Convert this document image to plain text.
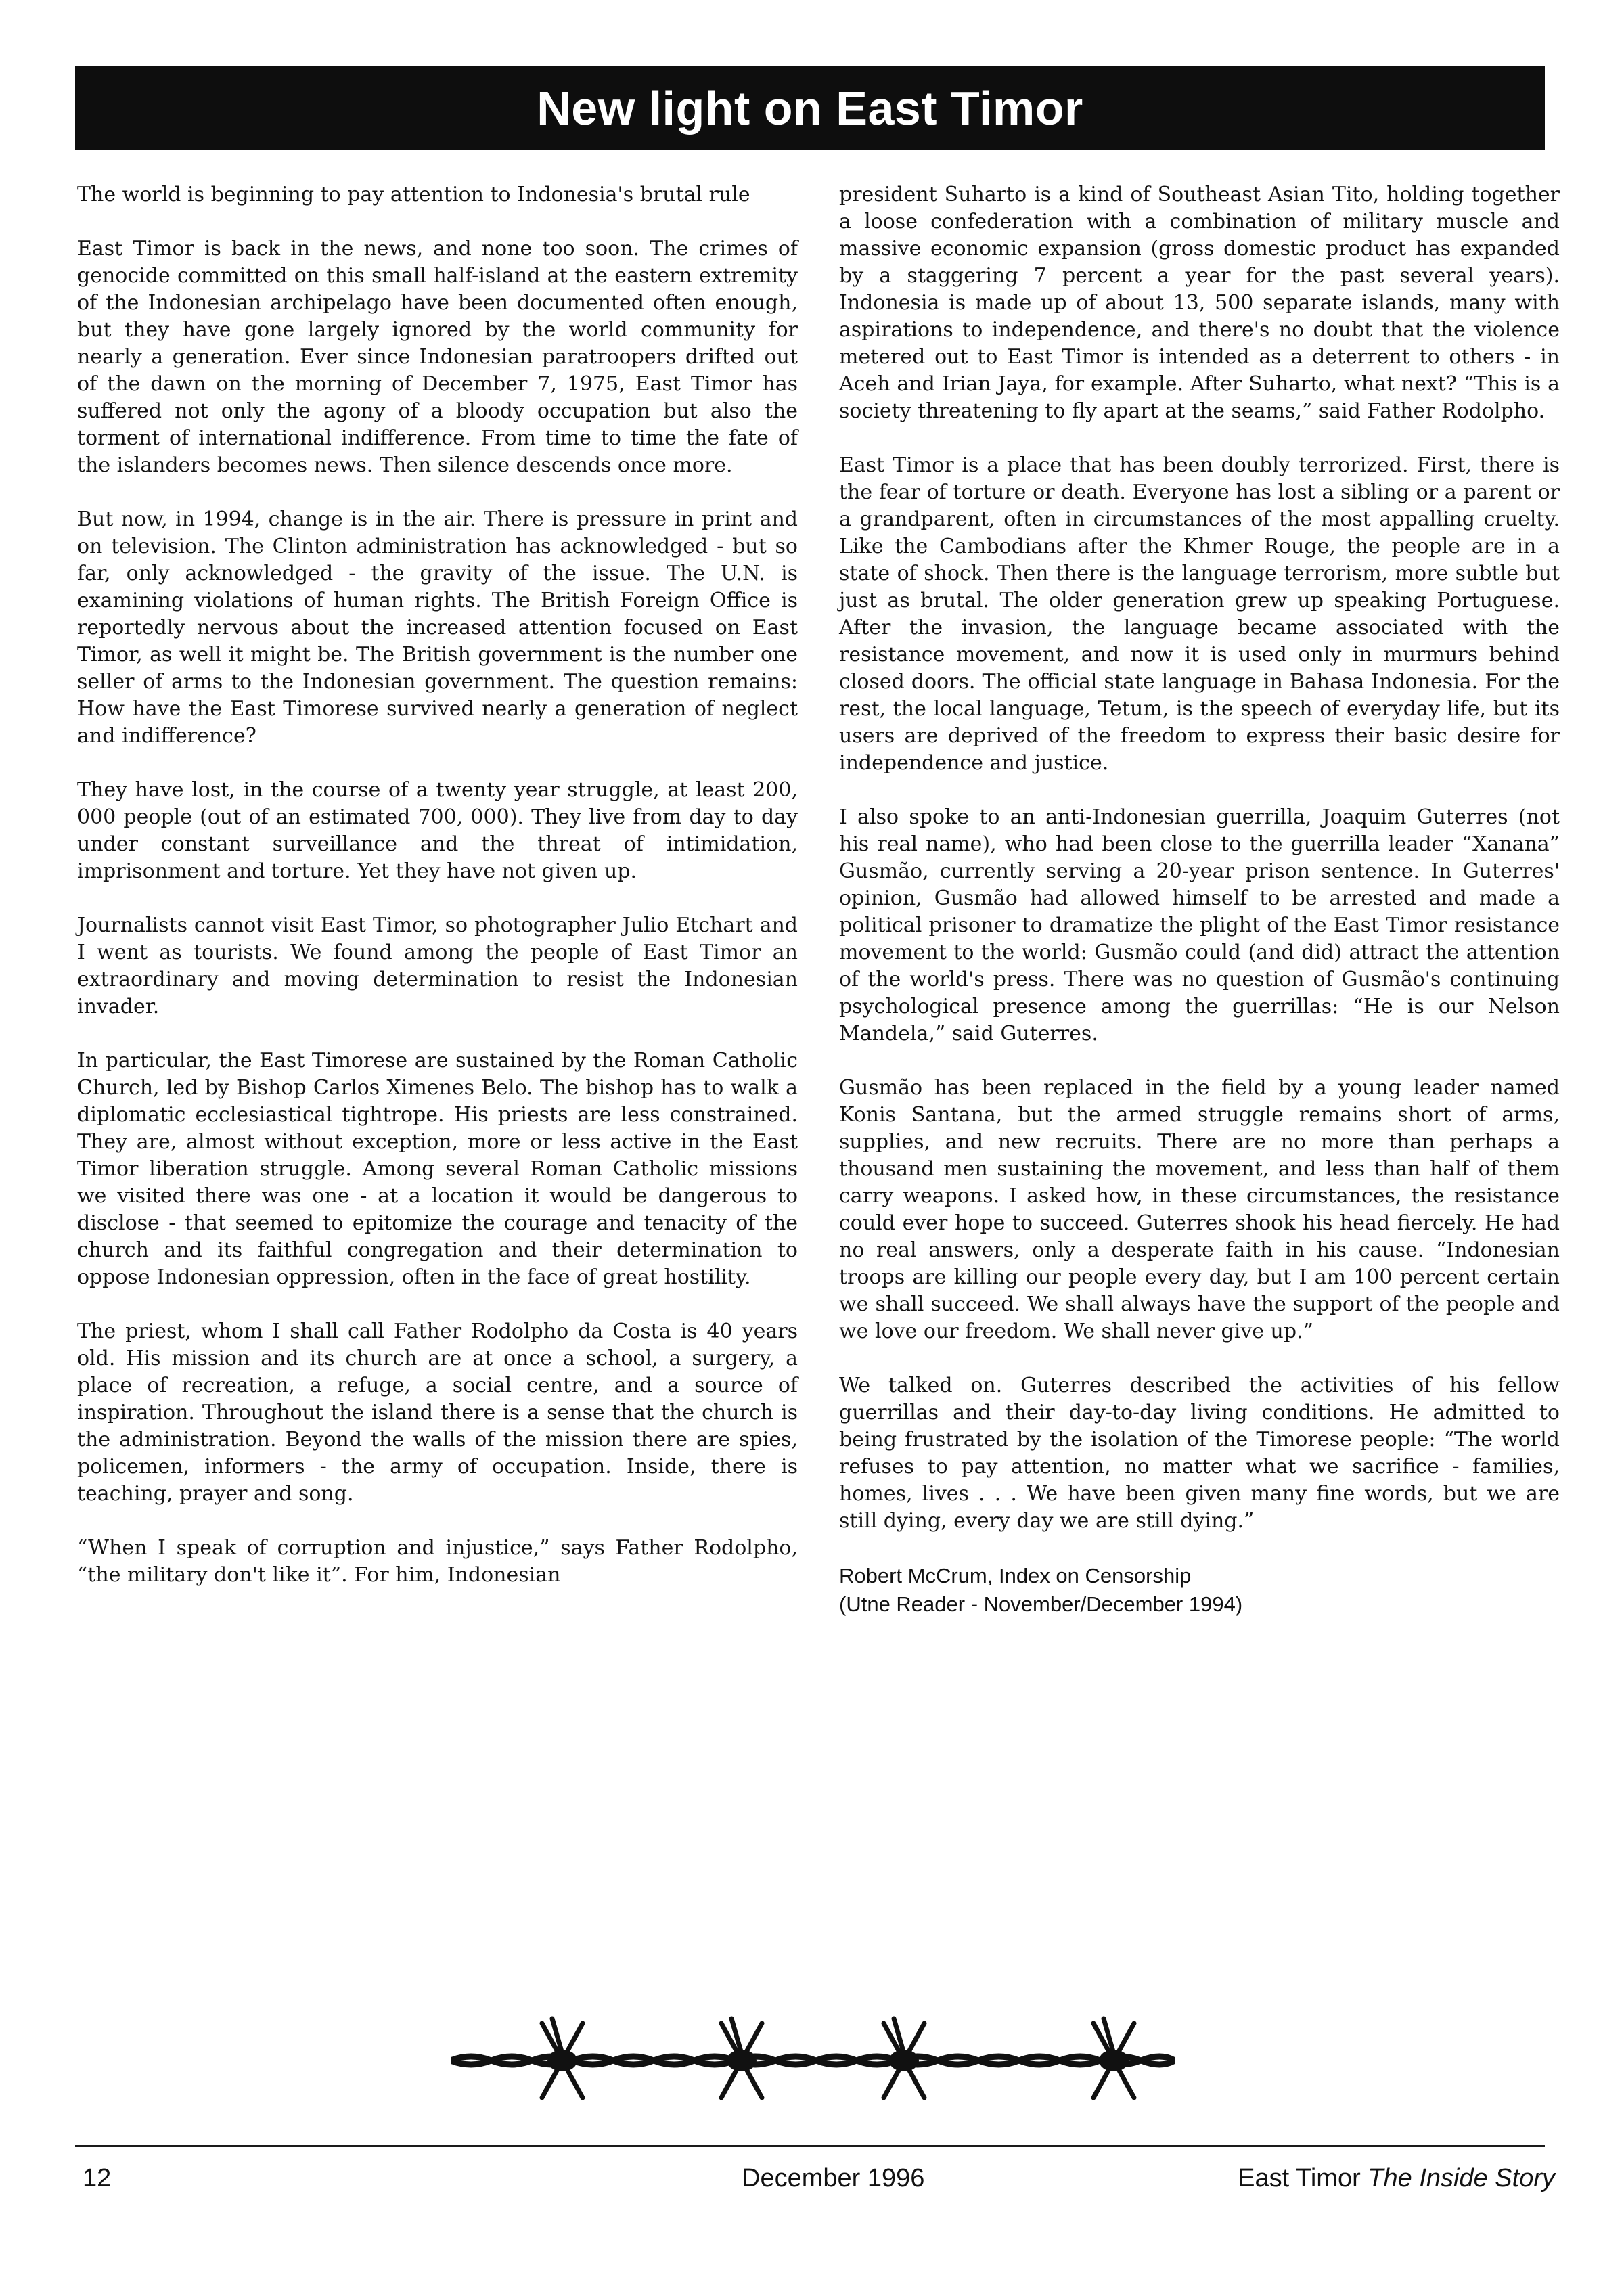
New light on East Timor

The world is beginning to pay attention to Indonesia's brutal rule

East Timor is back in the news, and none too soon. The crimes of genocide committed on this small half-island at the eastern extremity of the Indonesian archipelago have been documented often enough, but they have gone largely ignored by the world community for nearly a generation. Ever since Indonesian paratroopers drifted out of the dawn on the morning of December 7, 1975, East Timor has suffered not only the agony of a bloody occupation but also the torment of international indifference. From time to time the fate of the islanders becomes news. Then silence descends once more.

But now, in 1994, change is in the air. There is pressure in print and on television. The Clinton administration has acknowledged - but so far, only acknowledged - the gravity of the issue. The U.N. is examining violations of human rights. The British Foreign Office is reportedly nervous about the increased attention focused on East Timor, as well it might be. The British government is the number one seller of arms to the Indonesian government. The question remains: How have the East Timorese survived nearly a generation of neglect and indifference?

They have lost, in the course of a twenty year struggle, at least 200, 000 people (out of an estimated 700, 000). They live from day to day under constant surveillance and the threat of intimidation, imprisonment and torture. Yet they have not given up.

Journalists cannot visit East Timor, so photographer Julio Etchart and I went as tourists. We found among the people of East Timor an extraordinary and moving determination to resist the Indonesian invader.

In particular, the East Timorese are sustained by the Roman Catholic Church, led by Bishop Carlos Ximenes Belo. The bishop has to walk a diplomatic ecclesiastical tightrope. His priests are less constrained. They are, almost without exception, more or less active in the East Timor liberation struggle. Among several Roman Catholic missions we visited there was one - at a location it would be dangerous to disclose - that seemed to epitomize the courage and tenacity of the church and its faithful congregation and their determination to oppose Indonesian oppression, often in the face of great hostility.

The priest, whom I shall call Father Rodolpho da Costa is 40 years old. His mission and its church are at once a school, a surgery, a place of recreation, a refuge, a social centre, and a source of inspiration. Throughout the island there is a sense that the church is the administration. Beyond the walls of the mission there are spies, policemen, informers - the army of occupation. Inside, there is teaching, prayer and song.

“When I speak of corruption and injustice,” says Father Rodolpho, “the military don't like it”. For him, Indonesian

president Suharto is a kind of Southeast Asian Tito, holding together a loose confederation with a combination of military muscle and massive economic expansion (gross domestic product has expanded by a staggering 7 percent a year for the past several years). Indonesia is made up of about 13, 500 separate islands, many with aspirations to independence, and there's no doubt that the violence metered out to East Timor is intended as a deterrent to others - in Aceh and Irian Jaya, for example. After Suharto, what next? “This is a society threatening to fly apart at the seams,” said Father Rodolpho.

East Timor is a place that has been doubly terrorized. First, there is the fear of torture or death. Everyone has lost a sibling or a parent or a grandparent, often in circumstances of the most appalling cruelty. Like the Cambodians after the Khmer Rouge, the people are in a state of shock. Then there is the language terrorism, more subtle but just as brutal. The older generation grew up speaking Portuguese. After the invasion, the language became associated with the resistance movement, and now it is used only in murmurs behind closed doors. The official state language in Bahasa Indonesia. For the rest, the local language, Tetum, is the speech of everyday life, but its users are deprived of the freedom to express their basic desire for independence and justice.

I also spoke to an anti-Indonesian guerrilla, Joaquim Guterres (not his real name), who had been close to the guerrilla leader “Xanana” Gusmão, currently serving a 20-year prison sentence. In Guterres' opinion, Gusmão had allowed himself to be arrested and made a political prisoner to dramatize the plight of the East Timor resistance movement to the world: Gusmão could (and did) attract the attention of the world's press. There was no question of Gusmão's continuing psychological presence among the guerrillas: “He is our Nelson Mandela,” said Guterres.

Gusmão has been replaced in the field by a young leader named Konis Santana, but the armed struggle remains short of arms, supplies, and new recruits. There are no more than perhaps a thousand men sustaining the movement, and less than half of them carry weapons. I asked how, in these circumstances, the resistance could ever hope to succeed. Guterres shook his head fiercely. He had no real answers, only a desperate faith in his cause. “Indonesian troops are killing our people every day, but I am 100 percent certain we shall succeed. We shall always have the support of the people and we love our freedom. We shall never give up.”

We talked on. Guterres described the activities of his fellow guerrillas and their day-to-day living conditions. He admitted to being frustrated by the isolation of the Timorese people: “The world refuses to pay attention, no matter what we sacrifice - families, homes, lives . . . We have been given many fine words, but we are still dying, every day we are still dying.”

Robert McCrum, Index on Censorship
(Utne Reader - November/December 1994)
12	December 1996	East Timor The Inside Story
